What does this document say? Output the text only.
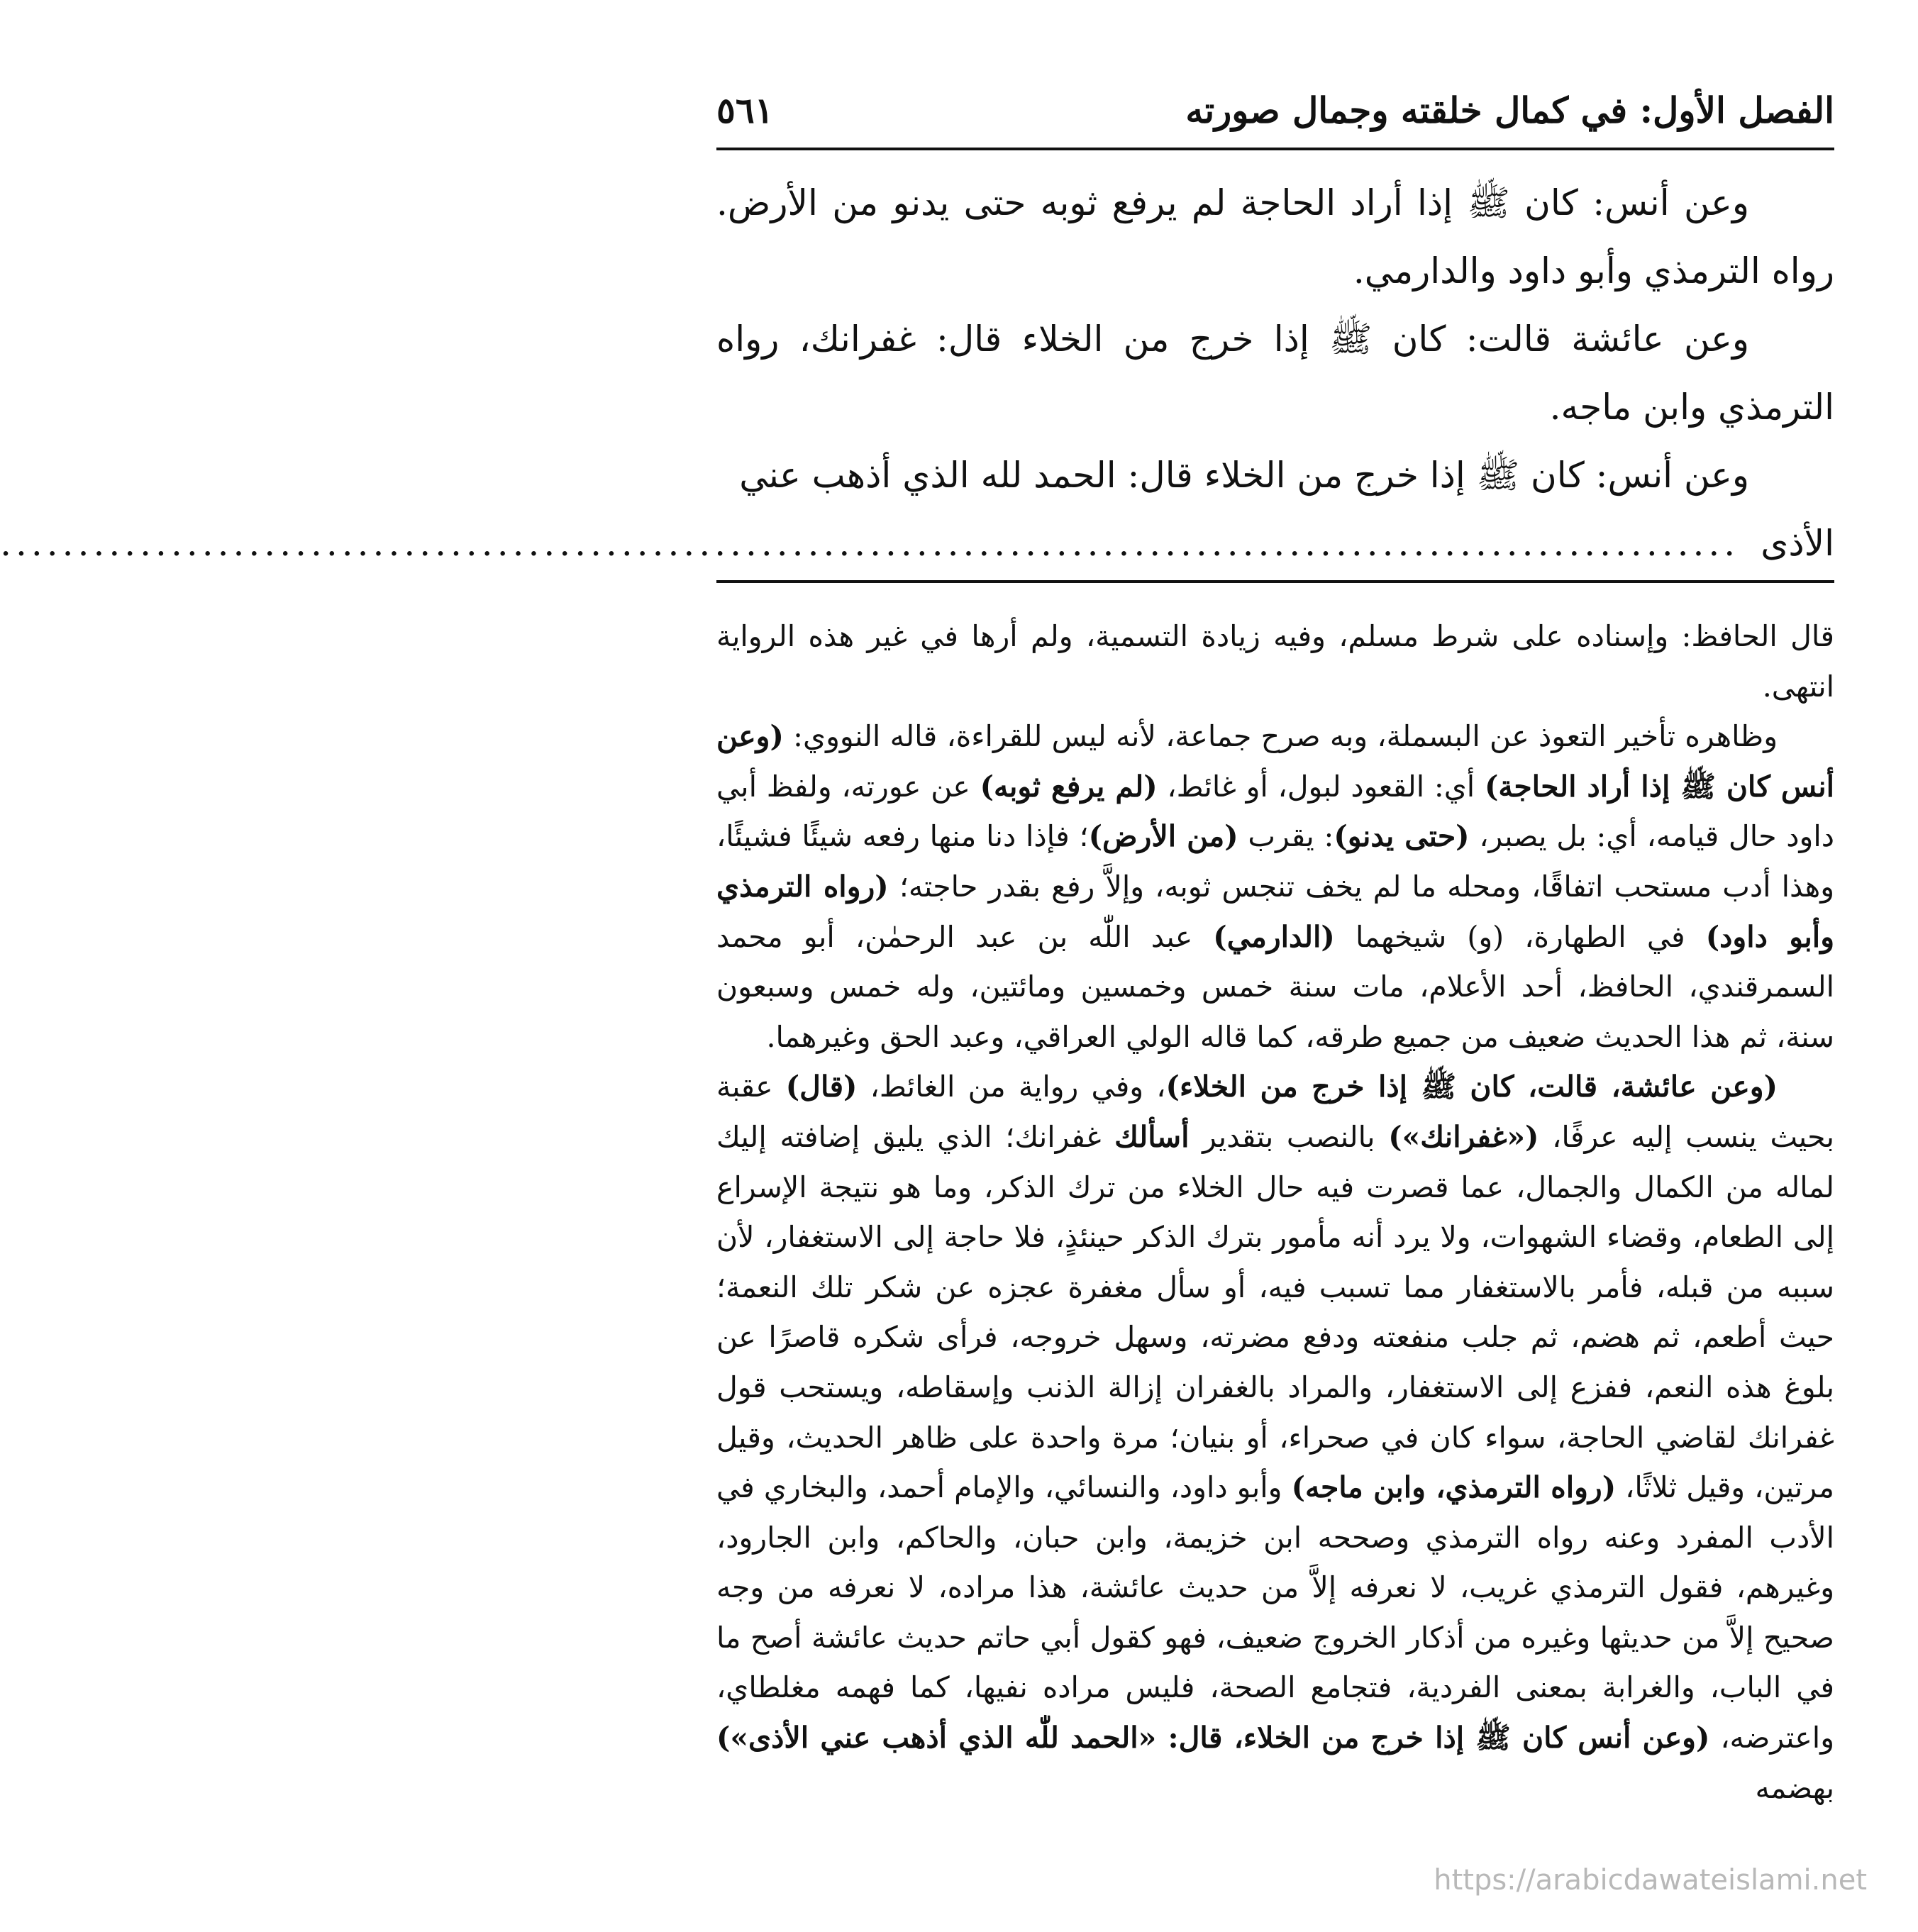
الفصل الأول: في كمال خلقته وجمال صورته
٥٦١

وعن أنس: كان ﷺ إذا أراد الحاجة لم يرفع ثوبه حتى يدنو من الأرض. رواه الترمذي وأبو داود والدارمي.

وعن عائشة قالت: كان ﷺ إذا خرج من الخلاء قال: غفرانك، رواه الترمذي وابن ماجه.

وعن أنس: كان ﷺ إذا خرج من الخلاء قال: الحمد لله الذي أذهب عني

الأذى
................................................................................................................

قال الحافظ: وإسناده على شرط مسلم، وفيه زيادة التسمية، ولم أرها في غير هذه الرواية انتهى.

وظاهره تأخير التعوذ عن البسملة، وبه صرح جماعة، لأنه ليس للقراءة، قاله النووي: (وعن أنس كان ﷺ إذا أراد الحاجة) أي: القعود لبول، أو غائط، (لم يرفع ثوبه) عن عورته، ولفظ أبي داود حال قيامه، أي: بل يصبر، (حتى يدنو): يقرب (من الأرض)؛ فإذا دنا منها رفعه شيئًا فشيئًا، وهذا أدب مستحب اتفاقًا، ومحله ما لم يخف تنجس ثوبه، وإلاَّ رفع بقدر حاجته؛ (رواه الترمذي وأبو داود) في الطهارة، (و) شيخهما (الدارمي) عبد اللّٰه بن عبد الرحمٰن، أبو محمد السمرقندي، الحافظ، أحد الأعلام، مات سنة خمس وخمسين ومائتين، وله خمس وسبعون سنة، ثم هذا الحديث ضعيف من جميع طرقه، كما قاله الولي العراقي، وعبد الحق وغيرهما.

(وعن عائشة، قالت، كان ﷺ إذا خرج من الخلاء)، وفي رواية من الغائط، (قال) عقبة بحيث ينسب إليه عرفًا، («غفرانك») بالنصب بتقدير أسألك غفرانك؛ الذي يليق إضافته إليك لماله من الكمال والجمال، عما قصرت فيه حال الخلاء من ترك الذكر، وما هو نتيجة الإسراع إلى الطعام، وقضاء الشهوات، ولا يرد أنه مأمور بترك الذكر حينئذٍ، فلا حاجة إلى الاستغفار، لأن سببه من قبله، فأمر بالاستغفار مما تسبب فيه، أو سأل مغفرة عجزه عن شكر تلك النعمة؛ حيث أطعم، ثم هضم، ثم جلب منفعته ودفع مضرته، وسهل خروجه، فرأى شكره قاصرًا عن بلوغ هذه النعم، ففزع إلى الاستغفار، والمراد بالغفران إزالة الذنب وإسقاطه، ويستحب قول غفرانك لقاضي الحاجة، سواء كان في صحراء، أو بنيان؛ مرة واحدة على ظاهر الحديث، وقيل مرتين، وقيل ثلاثًا، (رواه الترمذي، وابن ماجه) وأبو داود، والنسائي، والإمام أحمد، والبخاري في الأدب المفرد وعنه رواه الترمذي وصححه ابن خزيمة، وابن حبان، والحاكم، وابن الجارود، وغيرهم، فقول الترمذي غريب، لا نعرفه إلاَّ من حديث عائشة، هذا مراده، لا نعرفه من وجه صحيح إلاَّ من حديثها وغيره من أذكار الخروج ضعيف، فهو كقول أبي حاتم حديث عائشة أصح ما في الباب، والغرابة بمعنى الفردية، فتجامع الصحة، فليس مراده نفيها، كما فهمه مغلطاي، واعترضه، (وعن أنس كان ﷺ إذا خرج من الخلاء، قال: «الحمد للّٰه الذي أذهب عني الأذى») بهضمه

https://arabicdawateislami.net
